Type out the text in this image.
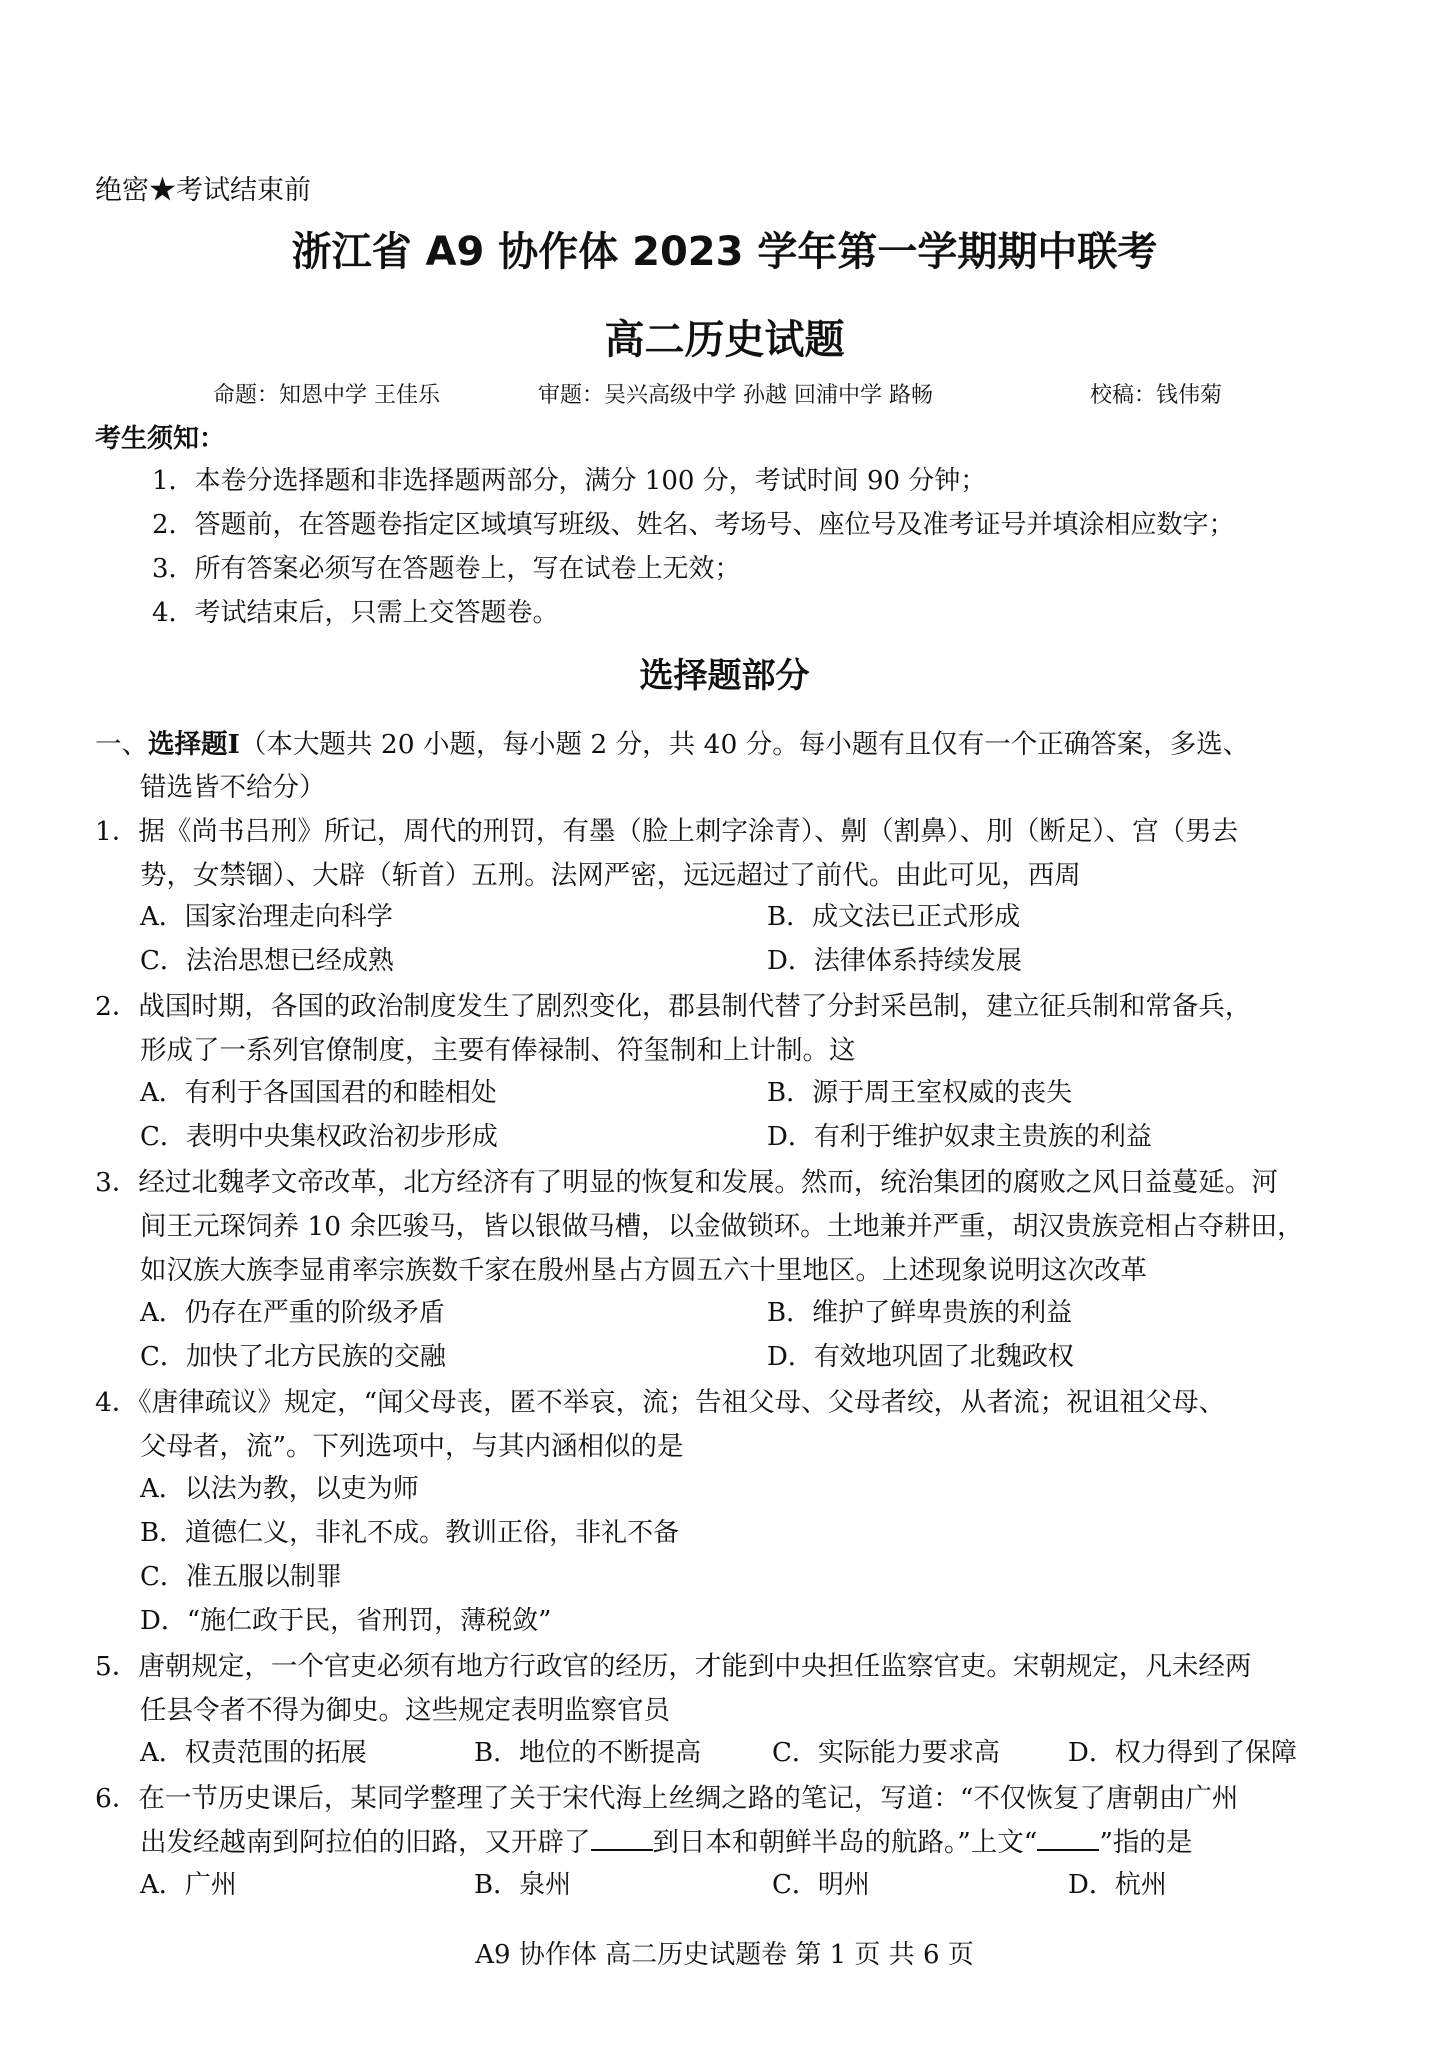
绝密★考试结束前
浙江省 A9 协作体 2023 学年第一学期期中联考
高二历史试题
命题：知恩中学 王佳乐	审题：吴兴高级中学 孙越 回浦中学 路畅	校稿：钱伟菊
考生须知：
1．本卷分选择题和非选择题两部分，满分 100 分，考试时间 90 分钟；
2．答题前，在答题卷指定区域填写班级、姓名、考场号、座位号及准考证号并填涂相应数字；
3．所有答案必须写在答题卷上，写在试卷上无效；
4．考试结束后，只需上交答题卷。
选择题部分
一、选择题Ⅰ（本大题共 20 小题，每小题 2 分，共 40 分。每小题有且仅有一个正确答案，多选、
错选皆不给分）
1．据《尚书吕刑》所记，周代的刑罚，有墨（脸上刺字涂青）、劓（割鼻）、刖（断足）、宫（男去
势，女禁锢）、大辟（斩首）五刑。法网严密，远远超过了前代。由此可见，西周
A．国家治理走向科学	B．成文法已正式形成
C．法治思想已经成熟	D．法律体系持续发展
2．战国时期，各国的政治制度发生了剧烈变化，郡县制代替了分封采邑制，建立征兵制和常备兵，
形成了一系列官僚制度，主要有俸禄制、符玺制和上计制。这
A．有利于各国国君的和睦相处	B．源于周王室权威的丧失
C．表明中央集权政治初步形成	D．有利于维护奴隶主贵族的利益
3．经过北魏孝文帝改革，北方经济有了明显的恢复和发展。然而，统治集团的腐败之风日益蔓延。河
间王元琛饲养 10 余匹骏马，皆以银做马槽，以金做锁环。土地兼并严重，胡汉贵族竞相占夺耕田，
如汉族大族李显甫率宗族数千家在殷州垦占方圆五六十里地区。上述现象说明这次改革
A．仍存在严重的阶级矛盾	B．维护了鲜卑贵族的利益
C．加快了北方民族的交融	D．有效地巩固了北魏政权
4．《唐律疏议》规定，“闻父母丧，匿不举哀，流；告祖父母、父母者绞，从者流；祝诅祖父母、
父母者，流”。下列选项中，与其内涵相似的是
A．以法为教，以吏为师
B．道德仁义，非礼不成。教训正俗，非礼不备
C．准五服以制罪
D．“施仁政于民，省刑罚，薄税敛”
5．唐朝规定，一个官吏必须有地方行政官的经历，才能到中央担任监察官吏。宋朝规定，凡未经两
任县令者不得为御史。这些规定表明监察官员
A．权责范围的拓展	B．地位的不断提高	C．实际能力要求高	D．权力得到了保障
6．在一节历史课后，某同学整理了关于宋代海上丝绸之路的笔记，写道：“不仅恢复了唐朝由广州
出发经越南到阿拉伯的旧路，又开辟了 到日本和朝鲜半岛的航路。”上文“ ”指的是
A．广州	B．泉州	C．明州	D．杭州
A9 协作体 高二历史试题卷 第 1 页 共 6 页
